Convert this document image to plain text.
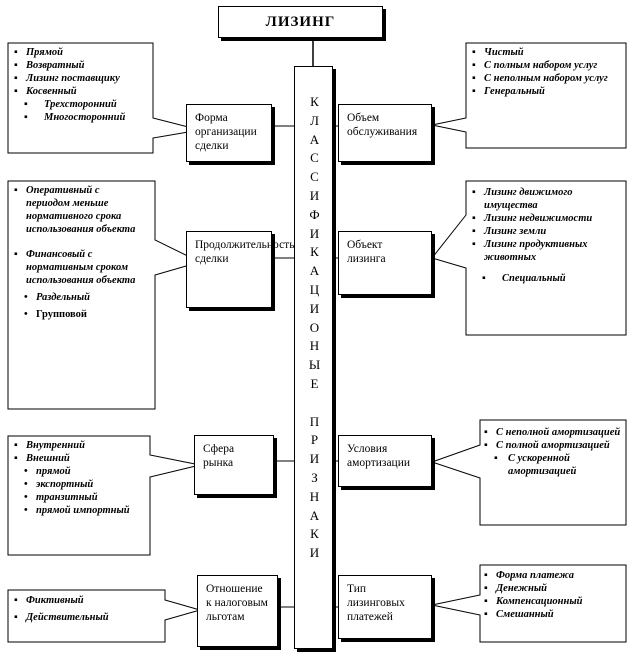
ЛИЗИНГ
К
Л
А
С
С
И
Ф
И
К
А
Ц
И
О
Н
Ы
Е
П
Р
И
З
Н
А
К
И
Форма организации сделки
Продолжительность сделки
Сфера рынка
Отношение к налоговым льготам
Объем обслуживания
Объект лизинга
Условия амортизации
Тип лизинговых платежей
▪ Прямой
▪ Возвратный
▪ Лизинг поставщику
▪ Косвенный
▪ Трехсторонний
▪ Многосторонний
▪ Оперативный с периодом меньше нормативного срока использования объекта
▪ Финансовый с нормативным сроком использования объекта
• Раздельный
• Групповой
▪ Внутренний
▪ Внешний
• прямой
• экспортный
• транзитный
• прямой импортный
▪ Фиктивный
▪ Действительный
▪ Чистый
▪ С полным набором услуг
▪ С неполным набором услуг
▪ Генеральный
▪ Лизинг движимого имущества
▪ Лизинг недвижимости
▪ Лизинг земли
▪ Лизинг продуктивных животных
▪ Специальный
▪ С неполной амортизацией
▪ С полной амортизацией
▪ С ускоренной амортизацией
▪ Форма платежа
▪ Денежный
▪ Компенсационный
▪ Смешанный
